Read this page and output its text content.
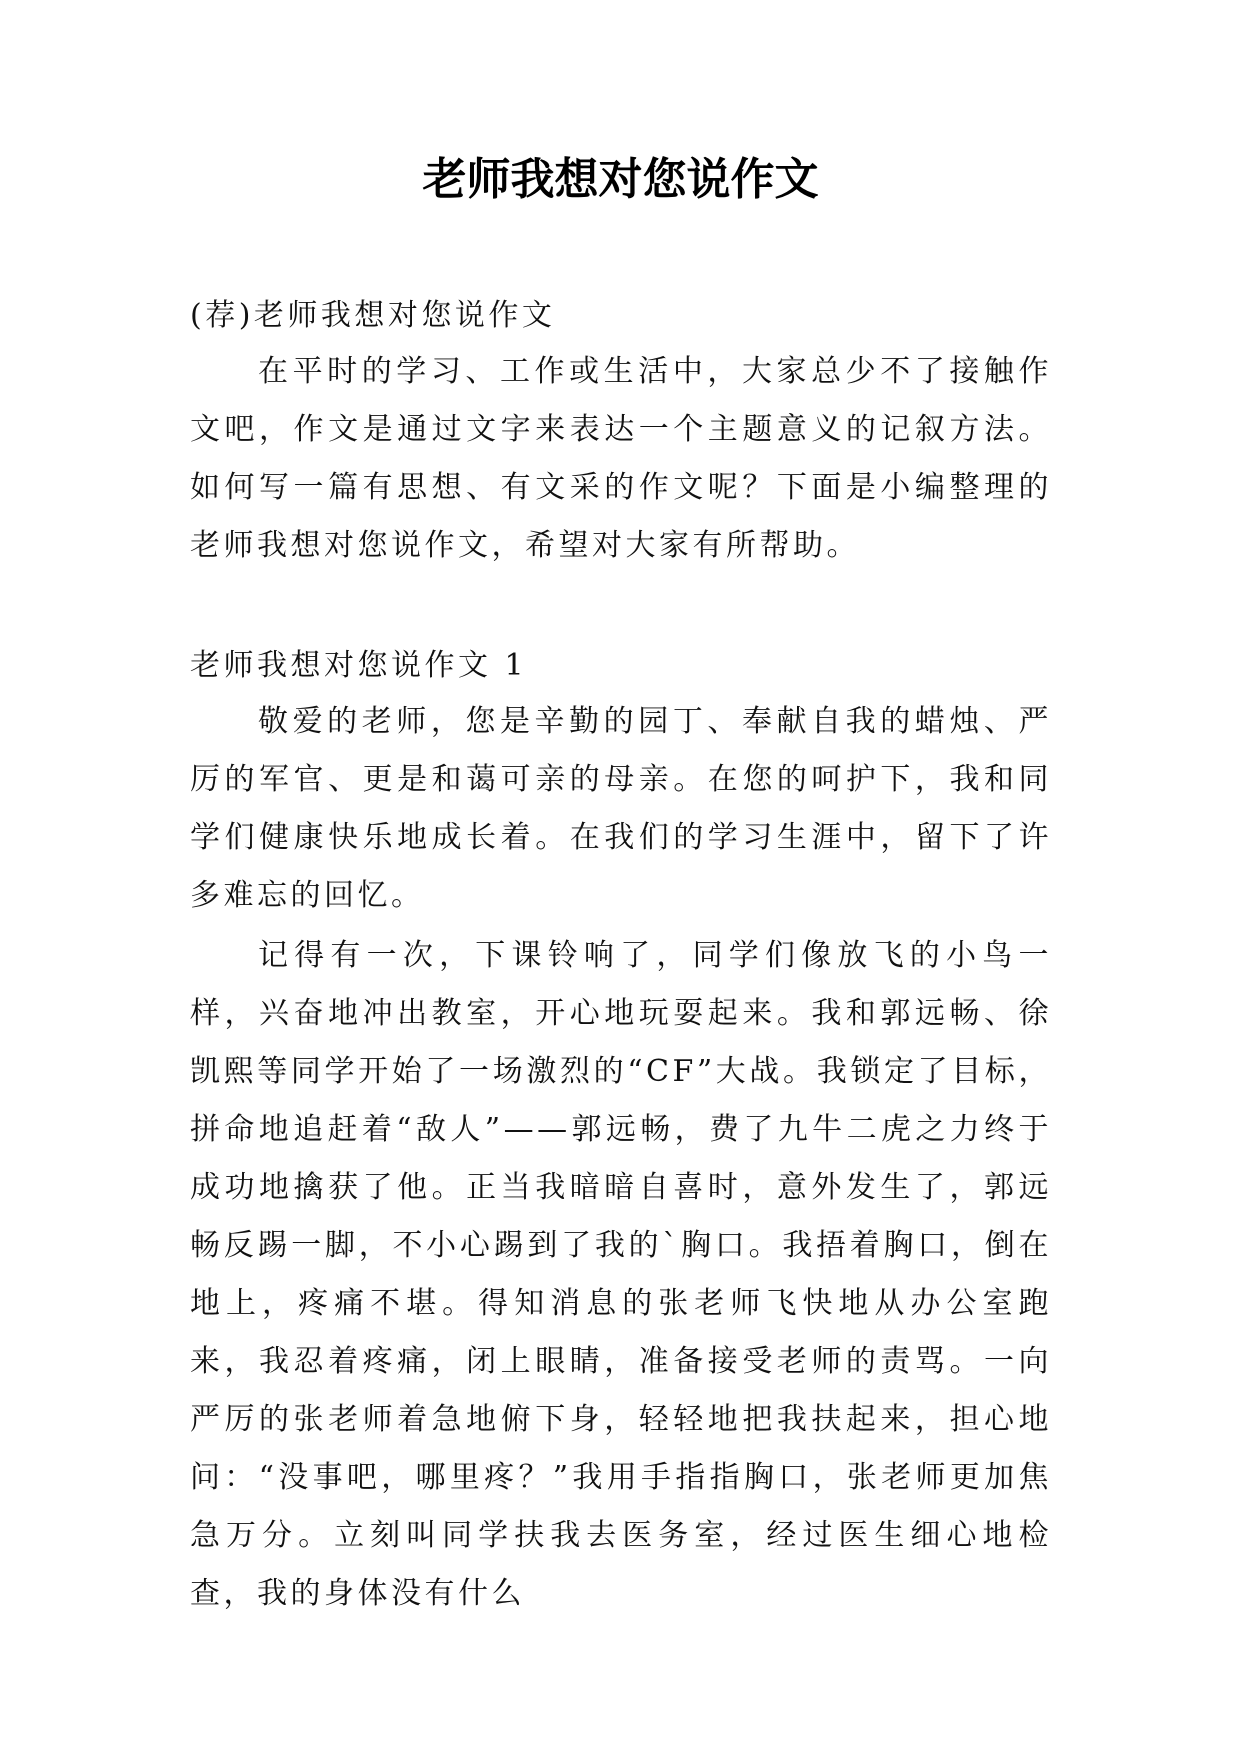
老师我想对您说作文

(荐)老师我想对您说作文

在平时的学习、工作或生活中，大家总少不了接触作文吧，作文是通过文字来表达一个主题意义的记叙方法。如何写一篇有思想、有文采的作文呢？下面是小编整理的老师我想对您说作文，希望对大家有所帮助。

老师我想对您说作文 1

敬爱的老师，您是辛勤的园丁、奉献自我的蜡烛、严厉的军官、更是和蔼可亲的母亲。在您的呵护下，我和同学们健康快乐地成长着。在我们的学习生涯中，留下了许多难忘的回忆。

记得有一次，下课铃响了，同学们像放飞的小鸟一样，兴奋地冲出教室，开心地玩耍起来。我和郭远畅、徐凯熙等同学开始了一场激烈的“CF”大战。我锁定了目标，拼命地追赶着“敌人”——郭远畅，费了九牛二虎之力终于成功地擒获了他。正当我暗暗自喜时，意外发生了，郭远畅反踢一脚，不小心踢到了我的`胸口。我捂着胸口，倒在地上，疼痛不堪。得知消息的张老师飞快地从办公室跑来，我忍着疼痛，闭上眼睛，准备接受老师的责骂。一向严厉的张老师着急地俯下身，轻轻地把我扶起来，担心地问：“没事吧，哪里疼？”我用手指指胸口，张老师更加焦急万分。立刻叫同学扶我去医务室，经过医生细心地检查，我的身体没有什么
